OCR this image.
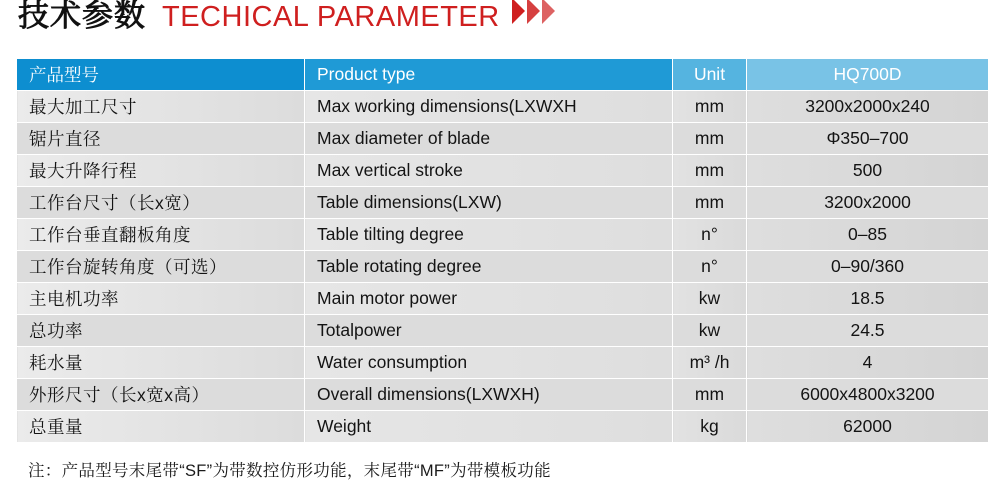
技术参数 TECHICAL PARAMETER
产品型号	Product type	Unit	HQ700D
最大加工尺寸	Max working dimensions(LXWXH	mm	3200x2000x240
锯片直径	Max diameter of blade	mm	Φ350–700
最大升降行程	Max vertical stroke	mm	500
工作台尺寸（长x宽）	Table dimensions(LXW)	mm	3200x2000
工作台垂直翻板角度	Table tilting degree	n°	0–85
工作台旋转角度（可选）	Table rotating degree	n°	0–90/360
主电机功率	Main motor power	kw	18.5
总功率	Totalpower	kw	24.5
耗水量	Water consumption	m³ /h	4
外形尺寸（长x宽x高）	Overall dimensions(LXWXH)	mm	6000x4800x3200
总重量	Weight	kg	62000
注：产品型号末尾带“SF”为带数控仿形功能，末尾带“MF”为带模板功能
